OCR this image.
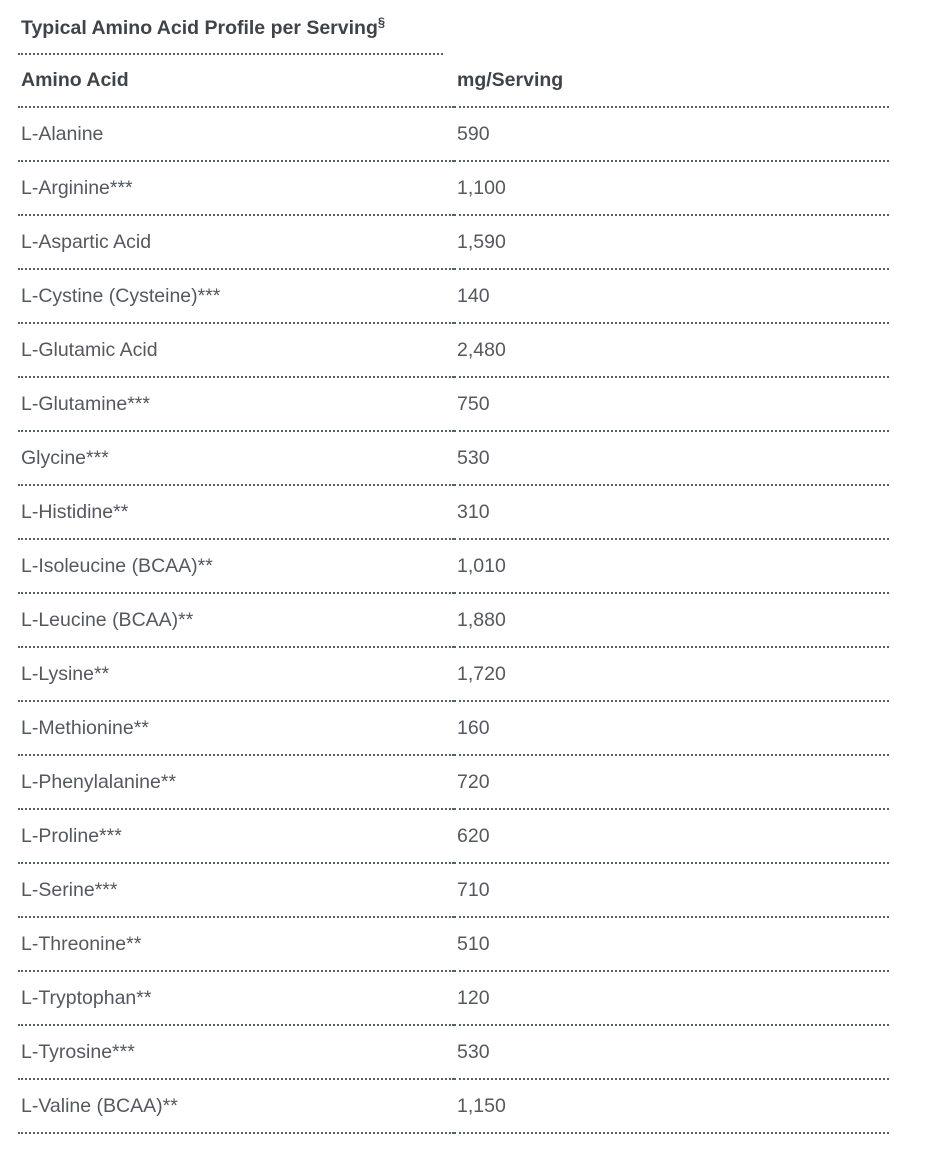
Typical Amino Acid Profile per Serving§
Amino Acid	mg/Serving
L-Alanine	590
L-Arginine***	1,100
L-Aspartic Acid	1,590
L-Cystine (Cysteine)***	140
L-Glutamic Acid	2,480
L-Glutamine***	750
Glycine***	530
L-Histidine**	310
L-Isoleucine (BCAA)**	1,010
L-Leucine (BCAA)**	1,880
L-Lysine**	1,720
L-Methionine**	160
L-Phenylalanine**	720
L-Proline***	620
L-Serine***	710
L-Threonine**	510
L-Tryptophan**	120
L-Tyrosine***	530
L-Valine (BCAA)**	1,150
